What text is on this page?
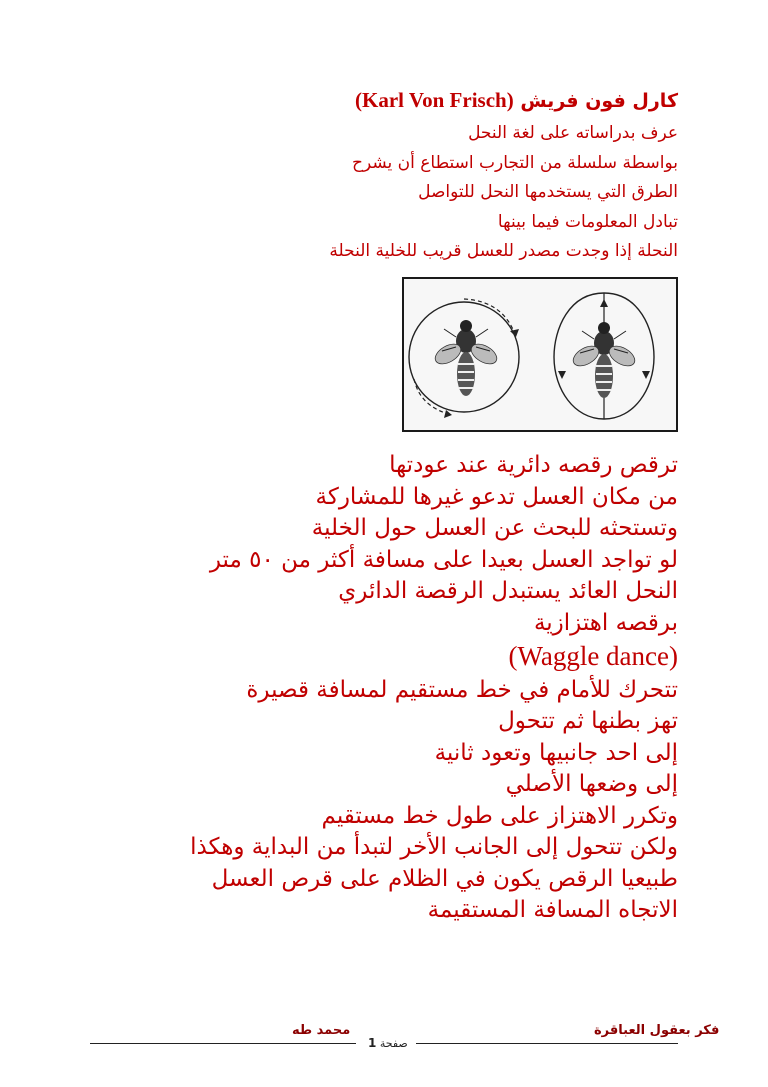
كارل فون فريش (Karl Von Frisch)
عرف بدراساته على لغة النحل
بواسطة سلسلة من التجارب استطاع أن يشرح
الطرق التي يستخدمها النحل للتواصل
تبادل المعلومات فيما بينها
النحلة إذا وجدت مصدر للعسل قريب للخلية النحلة
ترقص رقصه دائرية عند عودتها
من مكان العسل تدعو غيرها للمشاركة
وتستحثه للبحث عن العسل حول الخلية
لو تواجد العسل بعيدا على مسافة أكثر من ٥٠ متر
النحل العائد يستبدل الرقصة الدائري
برقصه اهتزازية
(Waggle dance)
تتحرك للأمام في خط مستقيم لمسافة قصيرة
تهز بطنها ثم تتحول
إلى احد جانبيها وتعود ثانية
إلى وضعها الأصلي
وتكرر الاهتزاز على طول خط مستقيم
ولكن تتحول إلى الجانب الأخر لتبدأ من البداية وهكذا
طبيعيا الرقص يكون في الظلام على قرص العسل
الاتجاه المسافة المستقيمة
محمد طه	فكر بعقول العباقرة
صفحة 1
